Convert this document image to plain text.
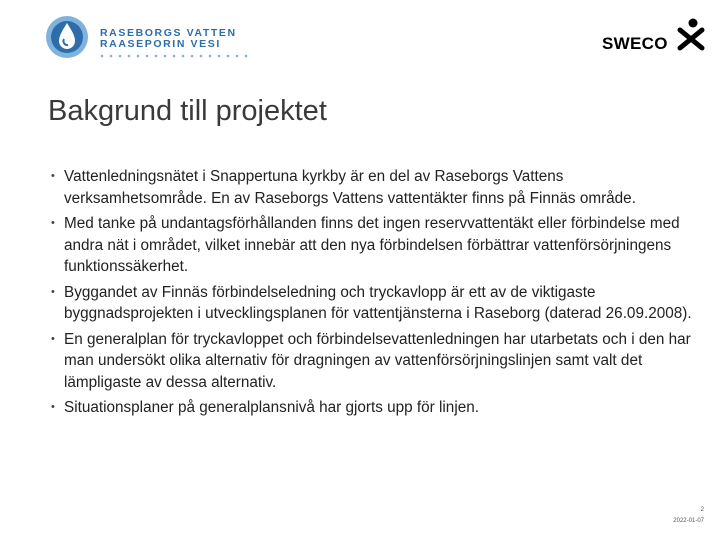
RASEBORGS VATTEN
RAASEPORIN VESI	SWECO
Bakgrund till projektet
• Vattenledningsnätet i Snappertuna kyrkby är en del av Raseborgs Vattens verksamhetsområde. En av Raseborgs Vattens vattentäkter finns på Finnäs område.
• Med tanke på undantagsförhållanden finns det ingen reservvattentäkt eller förbindelse med andra nät i området, vilket innebär att den nya förbindelsen förbättrar vattenförsörjningens funktionssäkerhet.
• Byggandet av Finnäs förbindelseledning och tryckavlopp är ett av de viktigaste byggnadsprojekten i utvecklingsplanen för vattentjänsterna i Raseborg (daterad 26.09.2008).
• En generalplan för tryckavloppet och förbindelsevattenledningen har utarbetats och i den har man undersökt olika alternativ för dragningen av vattenförsörjningslinjen samt valt det lämpligaste av dessa alternativ.
• Situationsplaner på generalplansnivå har gjorts upp för linjen.
2
2022-01-07
